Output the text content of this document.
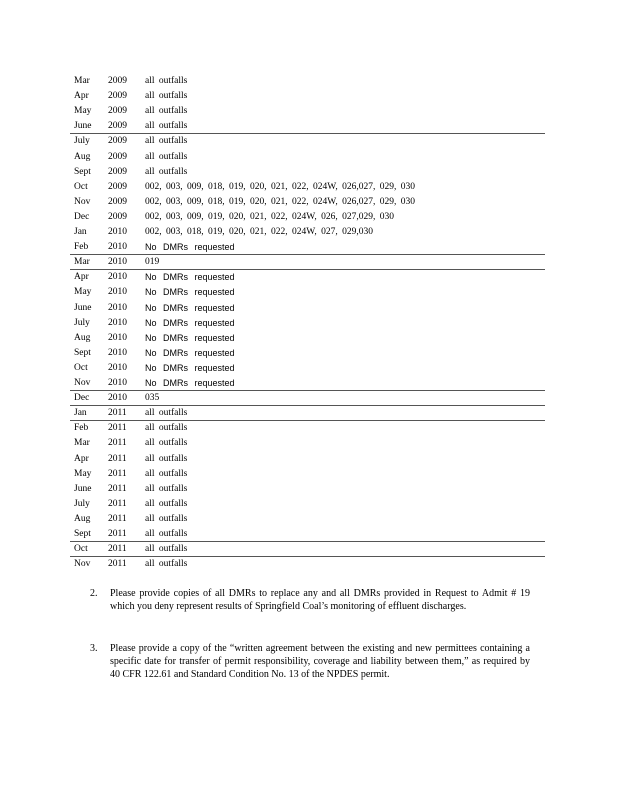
Mar 2009 all outfalls
Apr 2009 all outfalls
May 2009 all outfalls
June 2009 all outfalls
July 2009 all outfalls
Aug 2009 all outfalls
Sept 2009 all outfalls
Oct 2009 002, 003, 009, 018, 019, 020, 021, 022, 024W, 026,027, 029, 030
Nov 2009 002, 003, 009, 018, 019, 020, 021, 022, 024W, 026,027, 029, 030
Dec 2009 002, 003, 009, 019, 020, 021, 022, 024W, 026, 027,029, 030
Jan 2010 002, 003, 018, 019, 020, 021, 022, 024W, 027, 029,030
Feb 2010 No DMRs requested
Mar 2010 019
Apr 2010 No DMRs requested
May 2010 No DMRs requested
June 2010 No DMRs requested
July 2010 No DMRs requested
Aug 2010 No DMRs requested
Sept 2010 No DMRs requested
Oct 2010 No DMRs requested
Nov 2010 No DMRs requested
Dec 2010 035
Jan 2011 all outfalls
Feb 2011 all outfalls
Mar 2011 all outfalls
Apr 2011 all outfalls
May 2011 all outfalls
June 2011 all outfalls
July 2011 all outfalls
Aug 2011 all outfalls
Sept 2011 all outfalls
Oct 2011 all outfalls
Nov 2011 all outfalls
2. Please provide copies of all DMRs to replace any and all DMRs provided in Request to Admit # 19 which you deny represent results of Springfield Coal’s monitoring of effluent discharges.
3. Please provide a copy of the “written agreement between the existing and new permittees containing a specific date for transfer of permit responsibility, coverage and liability between them,” as required by 40 CFR 122.61 and Standard Condition No. 13 of the NPDES permit.
